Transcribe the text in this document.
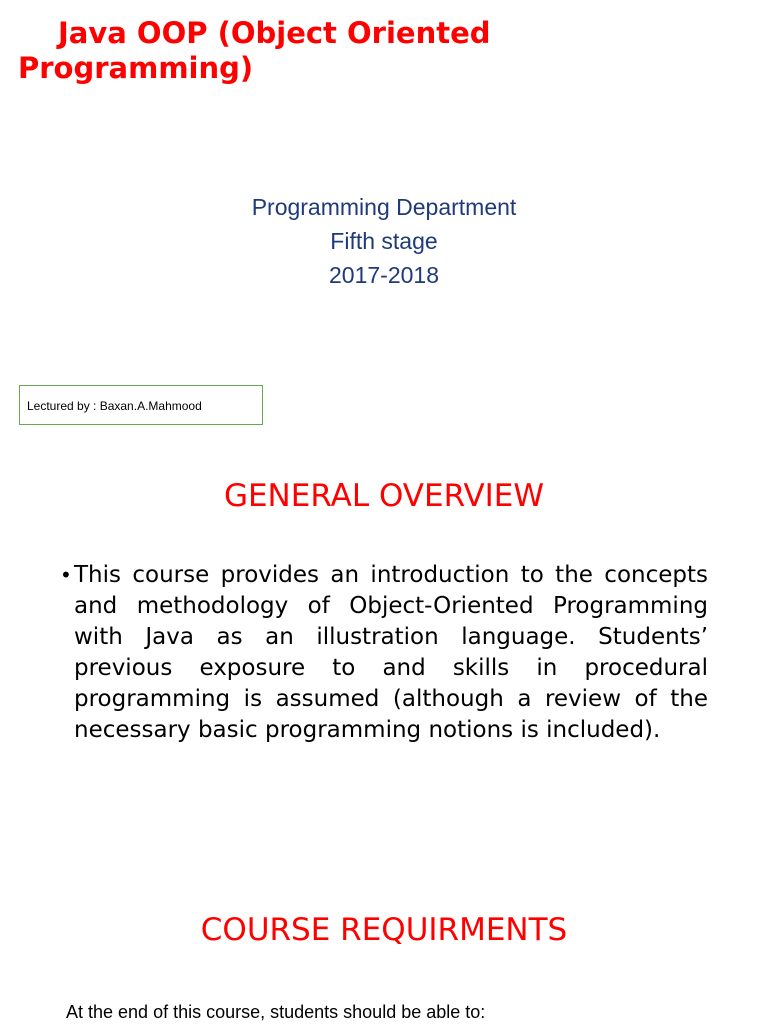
Java OOP (Object Oriented
Programming)
Programming Department
Fifth stage
2017-2018
Lectured by : Baxan.A.Mahmood
GENERAL OVERVIEW

• This course provides an introduction to the concepts and methodology of Object-Oriented Programming with Java as an illustration language. Students’ previous exposure to and skills in procedural programming is assumed (although a review of the necessary basic programming notions is included).

COURSE REQUIRMENTS

At the end of this course, students should be able to:
